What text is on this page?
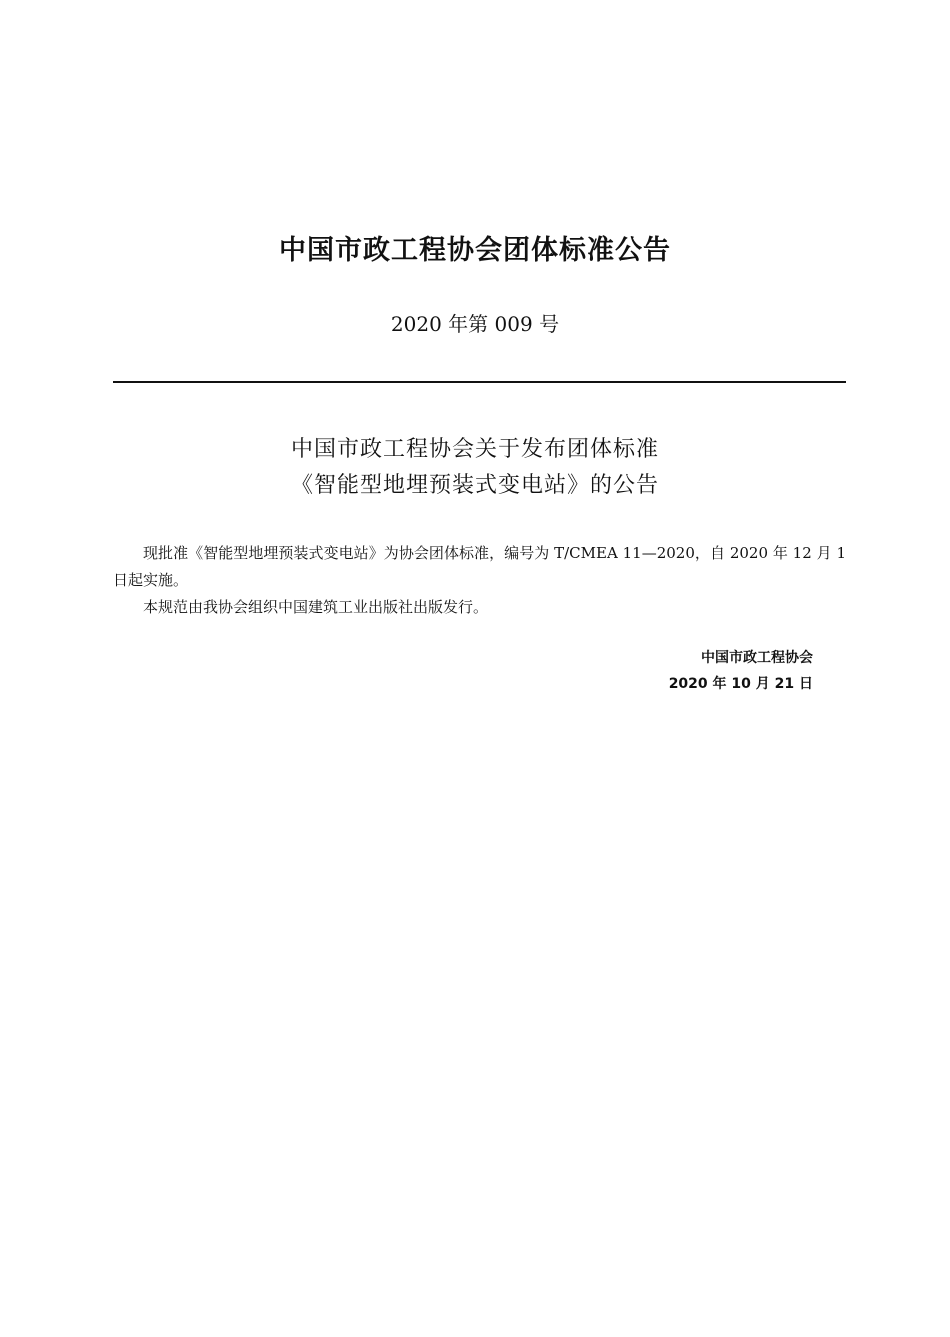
中国市政工程协会团体标准公告
2020 年第 009 号
中国市政工程协会关于发布团体标准
《智能型地埋预装式变电站》的公告

现批准《智能型地埋预装式变电站》为协会团体标准，编号为 T/CMEA 11—2020，自 2020 年 12 月 1 日起实施。

本规范由我协会组织中国建筑工业出版社出版发行。

中国市政工程协会
2020 年 10 月 21 日
